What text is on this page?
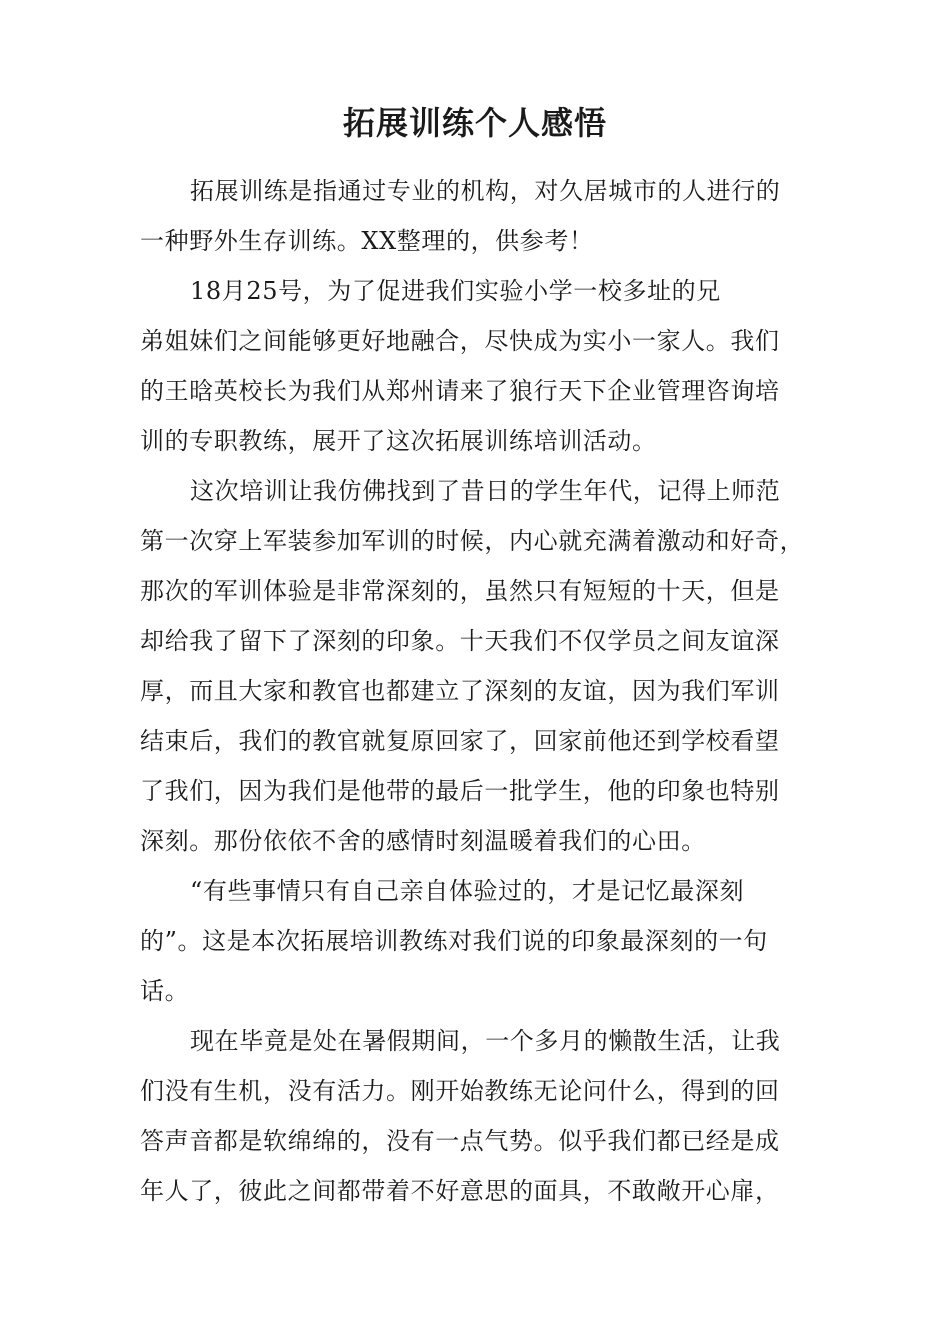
拓展训练个人感悟
拓展训练是指通过专业的机构，对久居城市的人进行的
一种野外生存训练。XX整理的，供参考！
18月25号，为了促进我们实验小学一校多址的兄
弟姐妹们之间能够更好地融合，尽快成为实小一家人。我们
的王晗英校长为我们从郑州请来了狼行天下企业管理咨询培
训的专职教练，展开了这次拓展训练培训活动。
这次培训让我仿佛找到了昔日的学生年代，记得上师范
第一次穿上军装参加军训的时候，内心就充满着激动和好奇，
那次的军训体验是非常深刻的，虽然只有短短的十天，但是
却给我了留下了深刻的印象。十天我们不仅学员之间友谊深
厚，而且大家和教官也都建立了深刻的友谊，因为我们军训
结束后，我们的教官就复原回家了，回家前他还到学校看望
了我们，因为我们是他带的最后一批学生，他的印象也特别
深刻。那份依依不舍的感情时刻温暖着我们的心田。
“有些事情只有自己亲自体验过的，才是记忆最深刻
的”。这是本次拓展培训教练对我们说的印象最深刻的一句
话。
现在毕竟是处在暑假期间，一个多月的懒散生活，让我
们没有生机，没有活力。刚开始教练无论问什么，得到的回
答声音都是软绵绵的，没有一点气势。似乎我们都已经是成
年人了，彼此之间都带着不好意思的面具，不敢敞开心扉，
